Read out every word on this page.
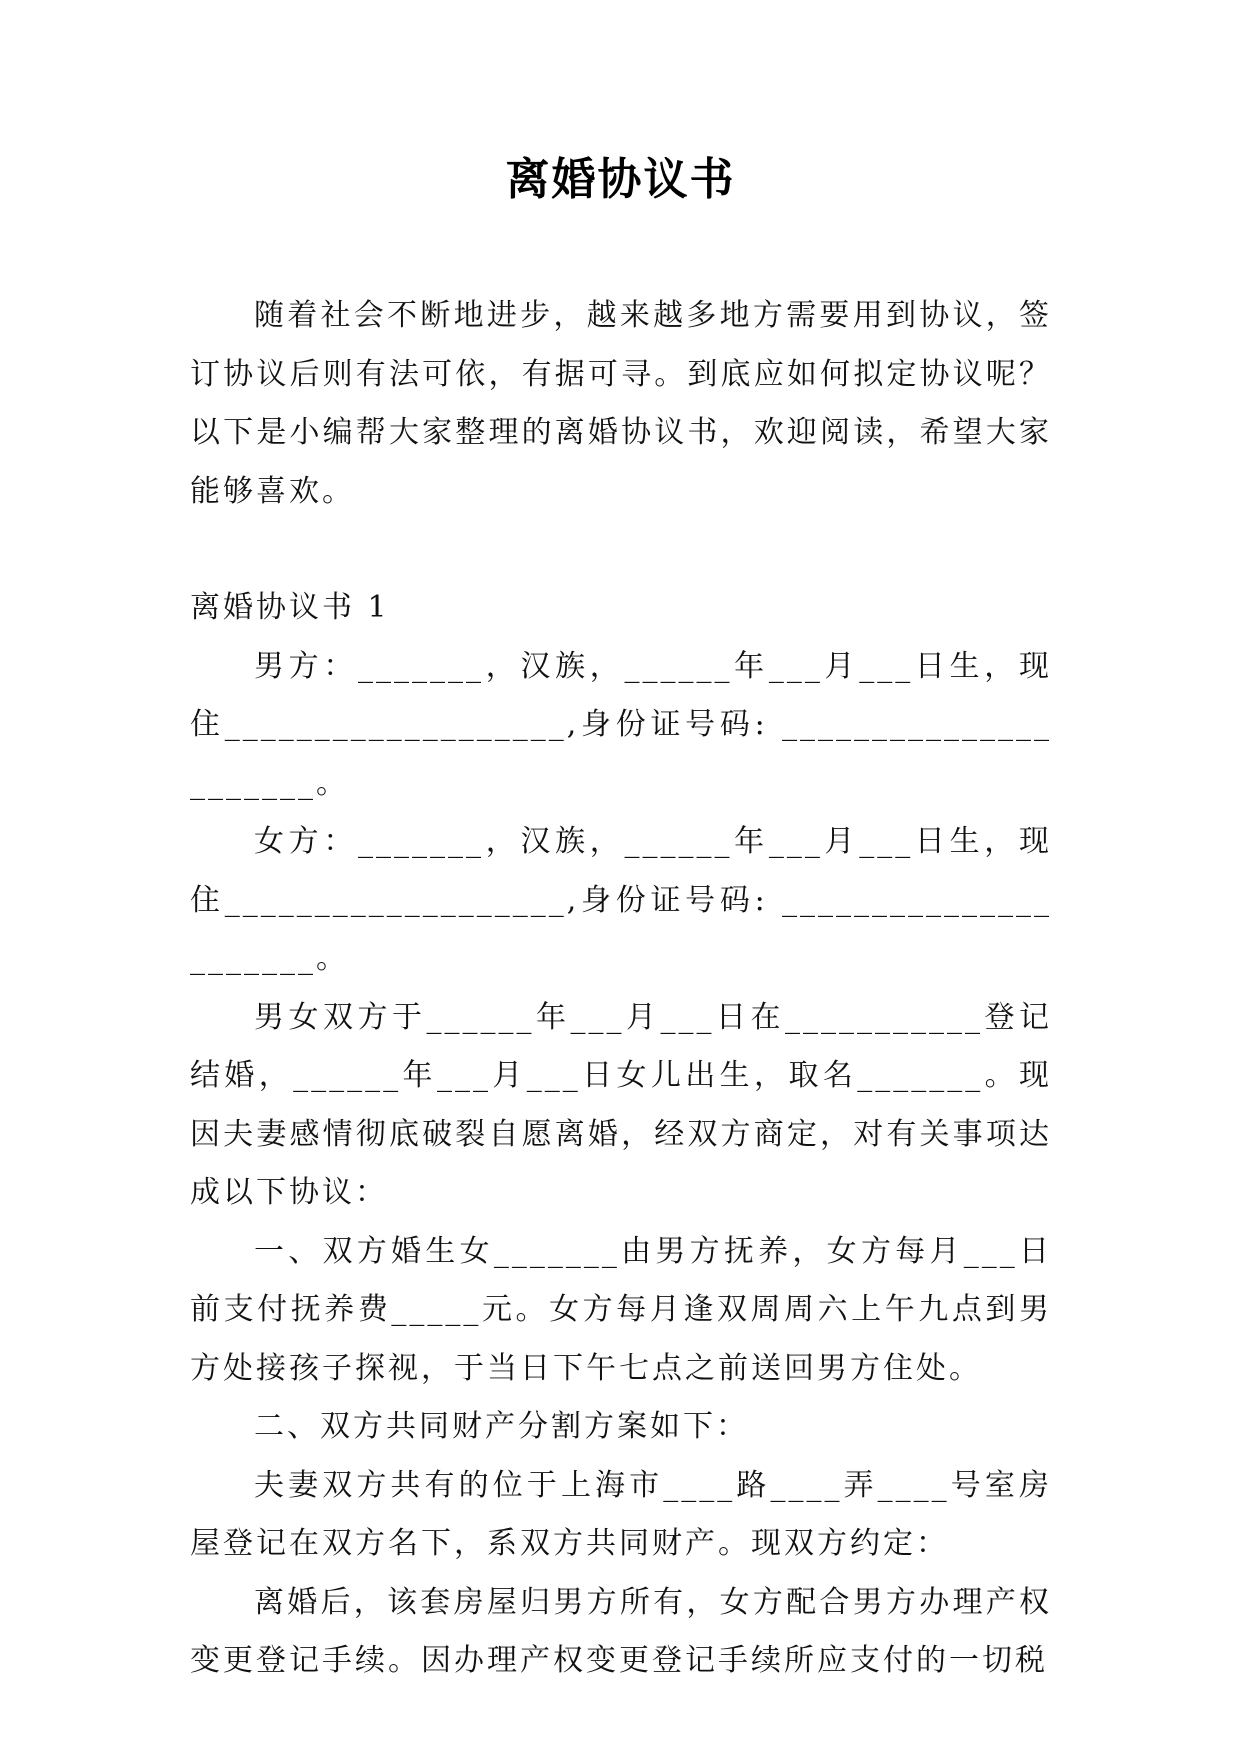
离婚协议书

随着社会不断地进步，越来越多地方需要用到协议，签订协议后则有法可依，有据可寻。到底应如何拟定协议呢？以下是小编帮大家整理的离婚协议书，欢迎阅读，希望大家能够喜欢。

离婚协议书 1

男方：_______，汉族，______年___月___日生，现住___________________,身份证号码: ______________________。

女方：_______，汉族，______年___月___日生，现住___________________,身份证号码: ______________________。

男女双方于______年___月___日在___________登记结婚，______年___月___日女儿出生，取名_______。现因夫妻感情彻底破裂自愿离婚，经双方商定，对有关事项达成以下协议：

一、双方婚生女_______由男方抚养，女方每月___日前支付抚养费_____元。女方每月逢双周周六上午九点到男方处接孩子探视，于当日下午七点之前送回男方住处。

二、双方共同财产分割方案如下：

夫妻双方共有的位于上海市____路____弄____号室房屋登记在双方名下，系双方共同财产。现双方约定：

离婚后，该套房屋归男方所有，女方配合男方办理产权变更登记手续。因办理产权变更登记手续所应支付的一切税
